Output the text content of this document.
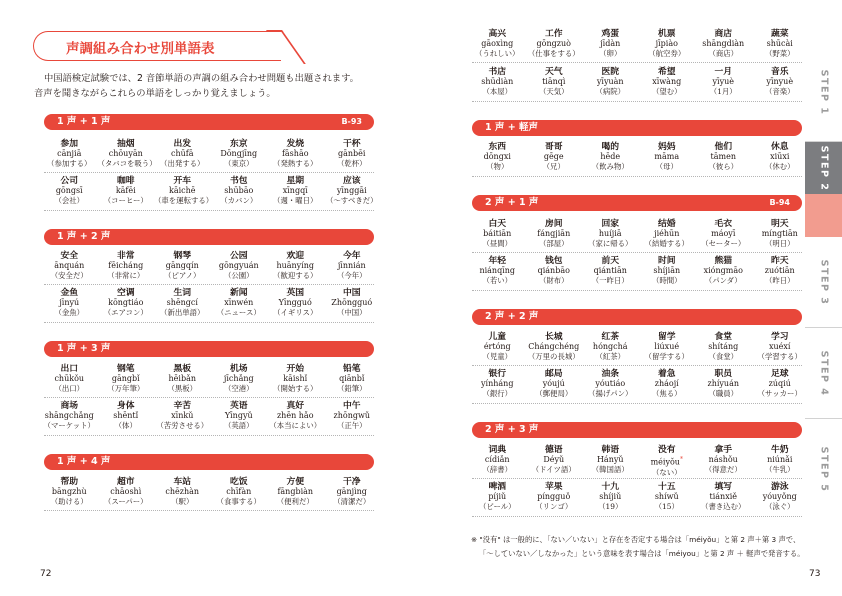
声調組み合わせ別単語表
中国語検定試験では、2 音節単語の声調の組み合わせ問題も出題されます。
音声を聞きながらこれらの単語をしっかり覚えましょう。
1 声 + 1 声	B-93
参加
cānjiā
（ 参加する ）
抽烟
chōuyān
（ タバコを吸う ）
出发
chūfā
（ 出発する ）
东京
Dōngjīng
（ 東京 ）
发烧
fāshāo
（ 発熱する ）
干杯
gānbēi
（ 乾杯 ）
公司
gōngsī
（ 会社 ）
咖啡
kāfēi
（ コーヒー ）
开车
kāichē
（ 車を運転する ）
书包
shūbāo
（ カバン ）
星期
xīngqī
（ 週・曜日 ）
应该
yīnggāi
（ ～すべきだ ）
1 声 + 2 声
安全
ānquán
（ 安全だ ）
非常
fēicháng
（ 非常に ）
钢琴
gāngqín
（ ピアノ ）
公园
gōngyuán
（ 公園 ）
欢迎
huānyíng
（ 歓迎する ）
今年
jīnnián
（ 今年 ）
金鱼
jīnyú
（ 金魚 ）
空调
kōngtiáo
（ エアコン ）
生词
shēngcí
（ 新出単語 ）
新闻
xīnwén
（ ニュース ）
英国
Yīngguó
（ イギリス ）
中国
Zhōngguó
（ 中国 ）
1 声 + 3 声
出口
chūkǒu
（ 出口 ）
钢笔
gāngbǐ
（ 万年筆 ）
黑板
hēibǎn
（ 黒板 ）
机场
jīchǎng
（ 空港 ）
开始
kāishǐ
（ 開始する ）
铅笔
qiānbǐ
（ 鉛筆 ）
商场
shāngchǎng
（ マーケット ）
身体
shēntǐ
（ 体 ）
辛苦
xīnkǔ
（ 苦労させる ）
英语
Yīngyǔ
（ 英語 ）
真好
zhēn hǎo
（ 本当によい ）
中午
zhōngwǔ
（ 正午 ）
1 声 + 4 声
帮助
bāngzhù
（ 助ける ）
超市
chāoshì
（ スーパー ）
车站
chēzhàn
（ 駅 ）
吃饭
chīfàn
（ 食事する ）
方便
fāngbiàn
（ 便利だ ）
干净
gānjìng
（ 清潔だ ）
72
高兴
gāoxìng
（ うれしい ）
工作
gōngzuò
（ 仕事をする ）
鸡蛋
jīdàn
（ 卵 ）
机票
jīpiào
（ 航空券 ）
商店
shāngdiàn
（ 商店 ）
蔬菜
shūcài
（ 野菜 ）
书店
shūdiàn
（ 本屋 ）
天气
tiānqì
（ 天気 ）
医院
yīyuàn
（ 病院 ）
希望
xīwàng
（ 望む ）
一月
yīyuè
（ 1月 ）
音乐
yīnyuè
（ 音楽 ）
1 声 + 軽声
东西
dōngxi
（ 物 ）
哥哥
gēge
（ 兄 ）
喝的
hēde
（ 飲み物 ）
妈妈
māma
（ 母 ）
他们
tāmen
（ 彼ら ）
休息
xiūxi
（ 休む ）
2 声 + 1 声	B-94
白天
báitiān
（ 昼間 ）
房间
fángjiān
（ 部屋 ）
回家
huíjiā
（ 家に帰る ）
结婚
jiéhūn
（ 結婚する ）
毛衣
máoyī
（ セーター ）
明天
míngtiān
（ 明日 ）
年轻
niánqīng
（ 若い ）
钱包
qiánbāo
（ 財布 ）
前天
qiántiān
（ 一昨日 ）
时间
shíjiān
（ 時間 ）
熊猫
xióngmāo
（ パンダ ）
昨天
zuótiān
（ 昨日 ）
2 声 + 2 声
儿童
értóng
（ 児童 ）
长城
Chángchéng
（ 万里の長城 ）
红茶
hóngchá
（ 紅茶 ）
留学
liúxué
（ 留学する ）
食堂
shítáng
（ 食堂 ）
学习
xuéxí
（ 学習する ）
银行
yínháng
（ 銀行 ）
邮局
yóujú
（ 郵便局 ）
油条
yóutiáo
（ 揚げパン ）
着急
zháojí
（ 焦る ）
职员
zhíyuán
（ 職員 ）
足球
zúqiú
（ サッカー ）
2 声 + 3 声
词典
cídiǎn
（ 辞書 ）
德语
Déyǔ
（ ドイツ語 ）
韩语
Hányǔ
（ 韓国語 ）
没有
méiyǒu*
（ ない ）
拿手
náshǒu
（ 得意だ ）
牛奶
niúnǎi
（ 牛乳 ）
啤酒
píjiǔ
（ ビール ）
苹果
píngguǒ
（ リンゴ ）
十九
shíjiǔ
（ 19 ）
十五
shíwǔ
（ 15 ）
填写
tiánxiě
（ 書き込む ）
游泳
yóuyǒng
（ 泳ぐ ）
73
※ "没有" は一般的に、「ない／いない」と存在を否定する場合は「méiyǒu」と第 2 声＋第 3 声で、
「～していない／しなかった」という意味を表す場合は「méiyou」と第 2 声 ＋ 軽声で発音する。
STEP 1
STEP 2
STEP 3
STEP 4
STEP 5
